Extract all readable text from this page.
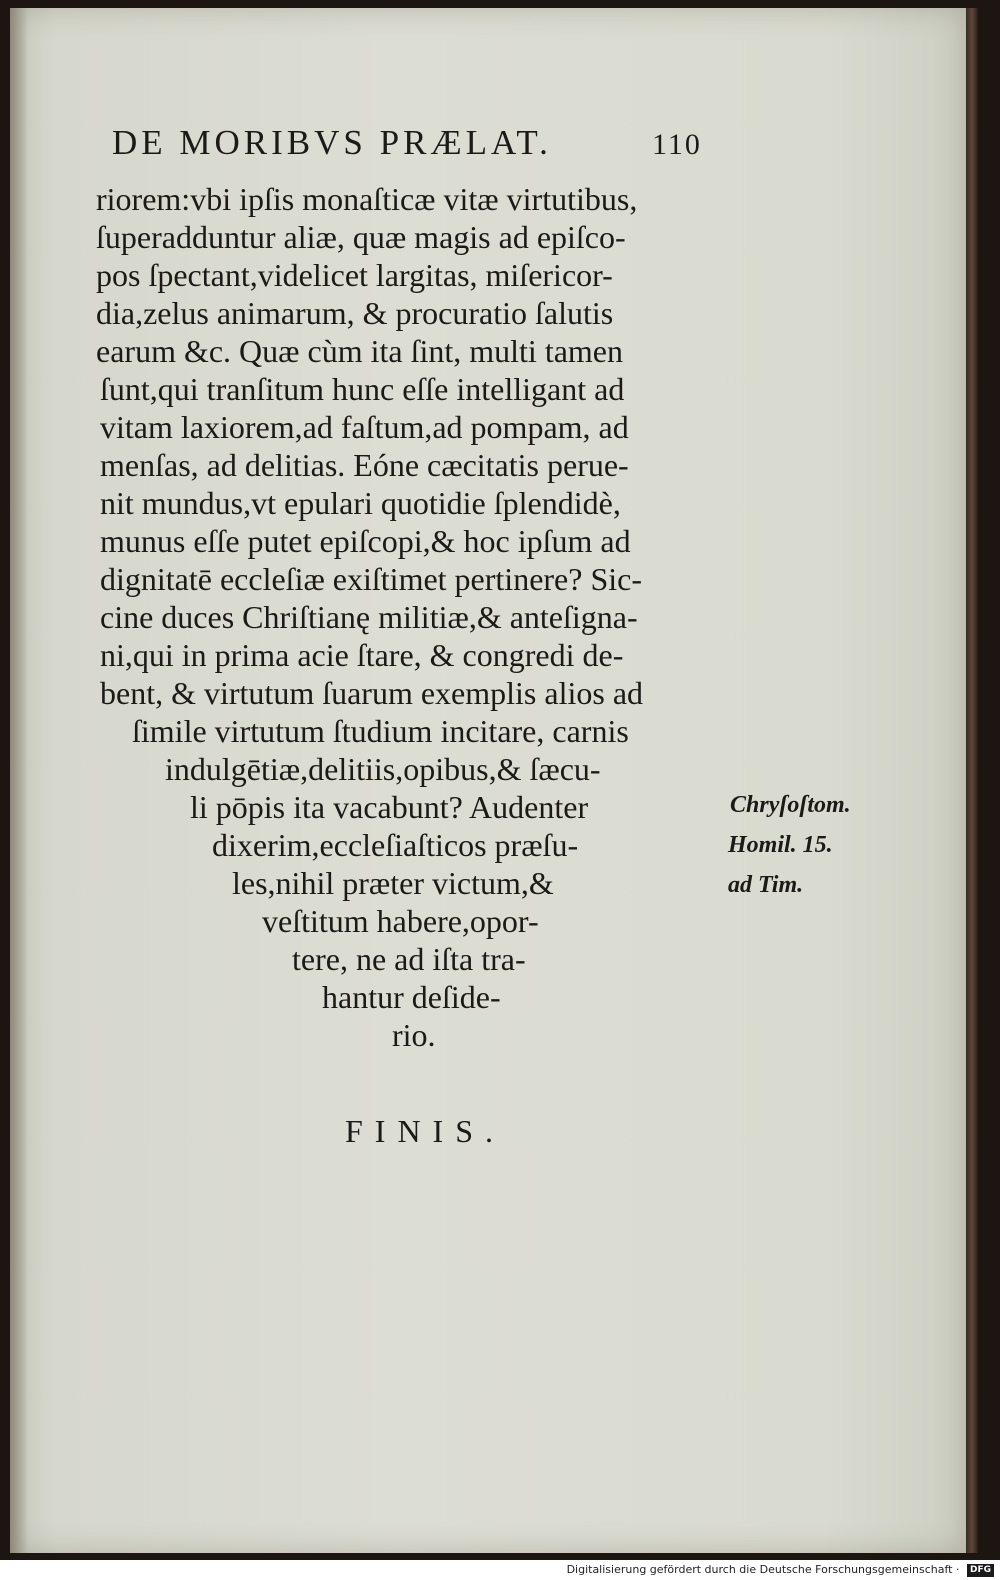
DE MORIBVS PRÆLAT.	110
riorem:vbi ipſis monaſticæ vitæ virtutibus,
ſuperadduntur aliæ, quæ magis ad epiſco-
pos ſpectant,videlicet largitas, miſericor-
dia,zelus animarum, & procuratio ſalutis
earum &c. Quæ cùm ita ſint, multi tamen
ſunt,qui tranſitum hunc eſſe intelligant ad
vitam laxiorem,ad faſtum,ad pompam, ad
menſas, ad delitias. Eóne cæcitatis perue-
nit mundus,vt epulari quotidie ſplendidè,
munus eſſe putet epiſcopi,& hoc ipſum ad
dignitatē eccleſiæ exiſtimet pertinere? Sic-
cine duces Chriſtianę militiæ,& anteſigna-
ni,qui in prima acie ſtare, & congredi de-
bent, & virtutum ſuarum exemplis alios ad
ſimile virtutum ſtudium incitare, carnis
indulgētiæ,delitiis,opibus,& ſæcu-
li pōpis ita vacabunt? Audenter
dixerim,eccleſiaſticos præſu-
les,nihil præter victum,&
veſtitum habere,opor-
tere, ne ad iſta tra-
hantur deſide-
rio.
FINIS.
Chryſoſtom.
Homil. 15.
ad Tim.
Digitalisierung gefördert durch die Deutsche Forschungsgemeinschaft · DFG
